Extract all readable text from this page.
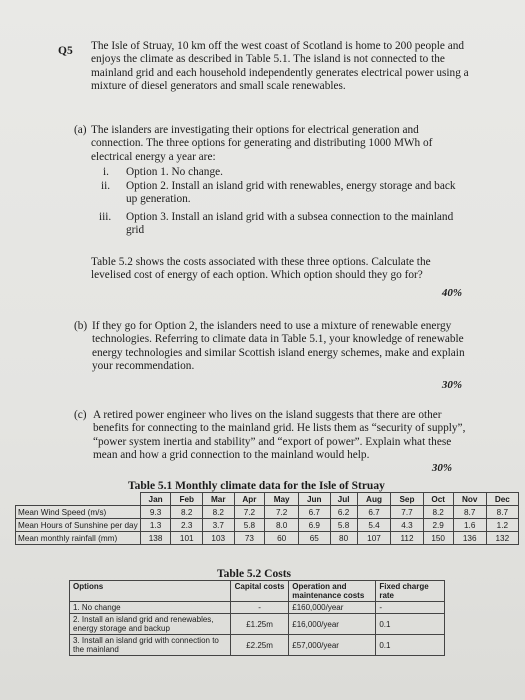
Q5 The Isle of Struay, 10 km off the west coast of Scotland is home to 200 people and enjoys the climate as described in Table 5.1. The island is not connected to the mainland grid and each household independently generates electrical power using a mixture of diesel generators and small scale renewables.
(a) The islanders are investigating their options for electrical generation and connection. The three options for generating and distributing 1000 MWh of electrical energy a year are:
i. Option 1. No change.
ii. Option 2. Install an island grid with renewables, energy storage and back up generation.
iii. Option 3. Install an island grid with a subsea connection to the mainland grid
Table 5.2 shows the costs associated with these three options. Calculate the levelised cost of energy of each option. Which option should they go for?
40%
(b) If they go for Option 2, the islanders need to use a mixture of renewable energy technologies. Referring to climate data in Table 5.1, your knowledge of renewable energy technologies and similar Scottish island energy schemes, make and explain your recommendation.
30%
(c) A retired power engineer who lives on the island suggests that there are other benefits for connecting to the mainland grid. He lists them as “security of supply”, “power system inertia and stability” and “export of power”. Explain what these mean and how a grid connection to the mainland would help.
30%
Table 5.1 Monthly climate data for the Isle of Struay
	Jan	Feb	Mar	Apr	May	Jun	Jul	Aug	Sep	Oct	Nov	Dec
Mean Wind Speed (m/s)	9.3	8.2	8.2	7.2	7.2	6.7	6.2	6.7	7.7	8.2	8.7	8.7
Mean Hours of Sunshine per day	1.3	2.3	3.7	5.8	8.0	6.9	5.8	5.4	4.3	2.9	1.6	1.2
Mean monthly rainfall (mm)	138	101	103	73	60	65	80	107	112	150	136	132
Table 5.2 Costs
Options	Capital costs	Operation and maintenance costs	Fixed charge rate
1. No change	-	£160,000/year	-
2. Install an island grid and renewables, energy storage and backup	£1.25m	£16,000/year	0.1
3. Install an island grid with connection to the mainland	£2.25m	£57,000/year	0.1
